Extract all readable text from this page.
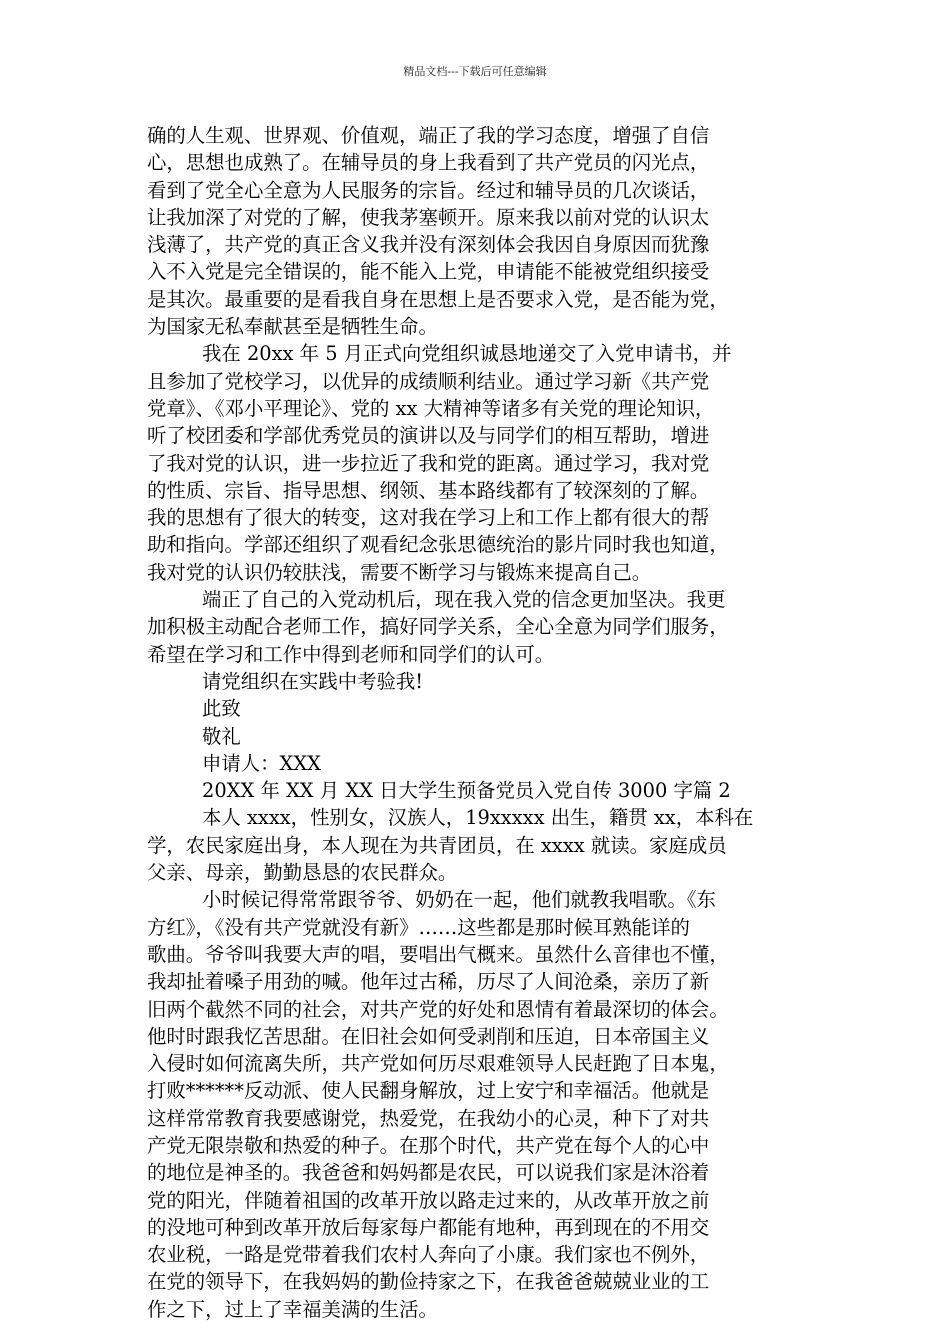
精品文档---下载后可任意编辑
确的人生观、世界观、价值观，端正了我的学习态度，增强了自信
心，思想也成熟了。在辅导员的身上我看到了共产党员的闪光点，
看到了党全心全意为人民服务的宗旨。经过和辅导员的几次谈话，
让我加深了对党的了解，使我茅塞顿开。原来我以前对党的认识太
浅薄了，共产党的真正含义我并没有深刻体会我因自身原因而犹豫
入不入党是完全错误的，能不能入上党，申请能不能被党组织接受
是其次。最重要的是看我自身在思想上是否要求入党，是否能为党，
为国家无私奉献甚至是牺牲生命。
我在 20xx 年 5 月正式向党组织诚恳地递交了入党申请书，并
且参加了党校学习，以优异的成绩顺利结业。通过学习新《共产党
党章》、《邓小平理论》、党的 xx 大精神等诸多有关党的理论知识，
听了校团委和学部优秀党员的演讲以及与同学们的相互帮助，增进
了我对党的认识，进一步拉近了我和党的距离。通过学习，我对党
的性质、宗旨、指导思想、纲领、基本路线都有了较深刻的了解。
我的思想有了很大的转变，这对我在学习上和工作上都有很大的帮
助和指向。学部还组织了观看纪念张思德统治的影片同时我也知道，
我对党的认识仍较肤浅，需要不断学习与锻炼来提高自己。
端正了自己的入党动机后，现在我入党的信念更加坚决。我更
加积极主动配合老师工作，搞好同学关系，全心全意为同学们服务，
希望在学习和工作中得到老师和同学们的认可。
请党组织在实践中考验我!
此致
敬礼
申请人：XXX
20XX 年 XX 月 XX 日大学生预备党员入党自传 3000 字篇 2
本人 xxxx，性别女，汉族人，19xxxxx 出生，籍贯 xx，本科在
学，农民家庭出身，本人现在为共青团员，在 xxxx 就读。家庭成员
父亲、母亲，勤勤恳恳的农民群众。
小时候记得常常跟爷爷、奶奶在一起，他们就教我唱歌。《东
方红》，《没有共产党就没有新》……这些都是那时候耳熟能详的
歌曲。爷爷叫我要大声的唱，要唱出气概来。虽然什么音律也不懂，
我却扯着嗓子用劲的喊。他年过古稀，历尽了人间沧桑，亲历了新
旧两个截然不同的社会，对共产党的好处和恩情有着最深切的体会。
他时时跟我忆苦思甜。在旧社会如何受剥削和压迫，日本帝国主义
入侵时如何流离失所，共产党如何历尽艰难领导人民赶跑了日本鬼，
打败******反动派、使人民翻身解放，过上安宁和幸福活。他就是
这样常常教育我要感谢党，热爱党，在我幼小的心灵，种下了对共
产党无限崇敬和热爱的种子。在那个时代，共产党在每个人的心中
的地位是神圣的。我爸爸和妈妈都是农民，可以说我们家是沐浴着
党的阳光，伴随着祖国的改革开放以路走过来的，从改革开放之前
的没地可种到改革开放后每家每户都能有地种，再到现在的不用交
农业税，一路是党带着我们农村人奔向了小康。我们家也不例外，
在党的领导下，在我妈妈的勤俭持家之下，在我爸爸兢兢业业的工
作之下，过上了幸福美满的生活。
